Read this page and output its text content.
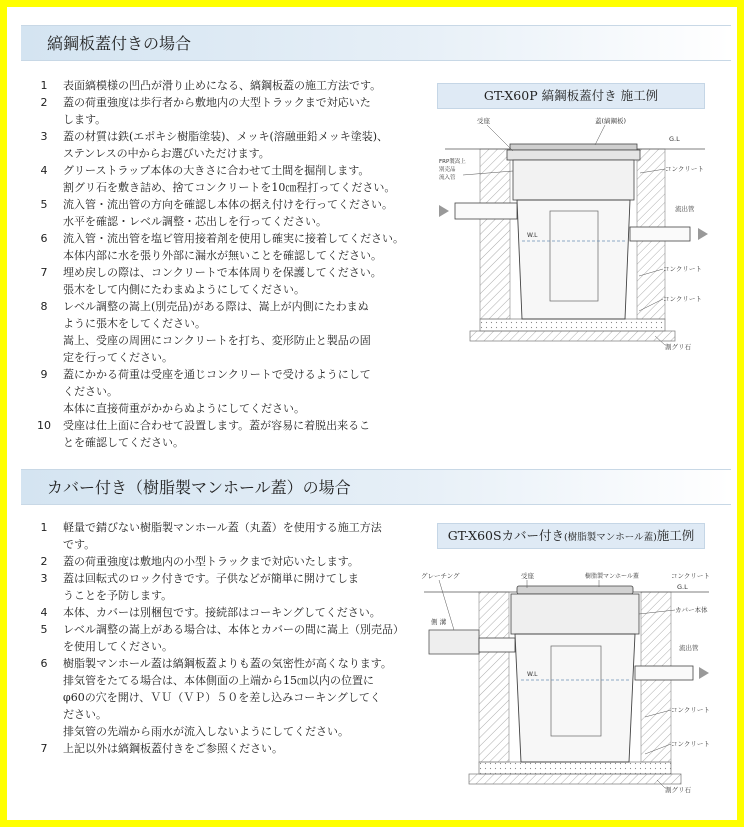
縞鋼板蓋付きの場合
1	表面縞模様の凹凸が滑り止めになる、縞鋼板蓋の施工方法です。
2	蓋の荷重強度は歩行者から敷地内の大型トラックまで対応いた
します。
3	蓋の材質は鉄(エポキシ樹脂塗装)、メッキ(溶融亜鉛メッキ塗装)、
ステンレスの中からお選びいただけます。
4	グリーストラップ本体の大きさに合わせて土間を掘削します。
割グリ石を敷き詰め、捨てコンクリートを10㎝程打ってください。
5	流入管・流出管の方向を確認し本体の据え付けを行ってください。
水平を確認・レベル調整・芯出しを行ってください。
6	流入管・流出管を塩ビ管用接着剤を使用し確実に接着してください。
本体内部に水を張り外部に漏水が無いことを確認してください。
7	埋め戻しの際は、コンクリートで本体周りを保護してください。
張木をして内側にたわまぬようにしてください。
8	レベル調整の嵩上(別売品)がある際は、嵩上が内側にたわまぬ
ように張木をしてください。
嵩上、受座の周囲にコンクリートを打ち、変形防止と製品の固
定を行ってください。
9	蓋にかかる荷重は受座を通じコンクリートで受けるようにして
ください。
本体に直接荷重がかからぬようにしてください。
10 受座は仕上面に合わせて設置します。蓋が容易に着脱出来るこ
とを確認してください。
GT-X60P 縞鋼板蓋付き 施工例
受座	蓋(縞鋼板)
G.L
FRP製嵩上
別売品
流入管
コンクリート
流出管
W.L
コンクリート
コンクリート
割グリ石
カバー付き（樹脂製マンホール蓋）の場合
1	軽量で錆びない樹脂製マンホール蓋（丸蓋）を使用する施工方法
です。
2	蓋の荷重強度は敷地内の小型トラックまで対応いたします。
3	蓋は回転式のロック付きです。子供などが簡単に開けてしま
うことを予防します。
4	本体、カバーは別梱包です。接続部はコーキングしてください。
5	レベル調整の嵩上がある場合は、本体とカバーの間に嵩上（別売品）
を使用してください。
6	樹脂製マンホール蓋は縞鋼板蓋よりも蓋の気密性が高くなります。
排気管をたてる場合は、本体側面の上端から15㎝以内の位置に
φ60の穴を開け、ＶＵ（ＶＰ）５０を差し込みコーキングしてく
ださい。
排気管の先端から雨水が流入しないようにしてください。
7	上記以外は縞鋼板蓋付きをご参照ください。
GT-X60Sカバー付き(樹脂製マンホール蓋)施工例
グレーチング	受座	樹脂製マンホール蓋	コンクリート
G.L
カバー本体
側 溝
流出管
W.L
コンクリート
コンクリート
割グリ石
